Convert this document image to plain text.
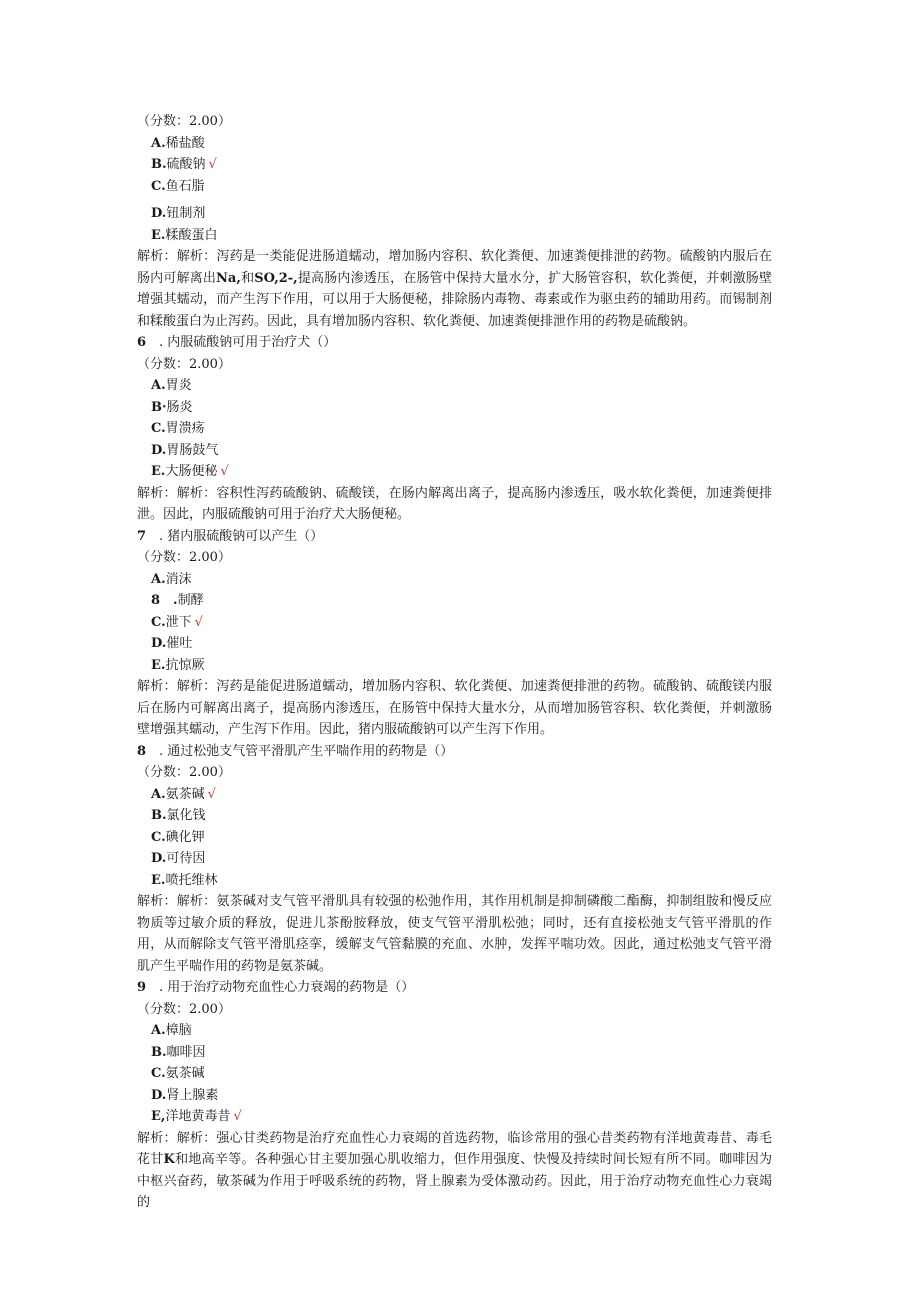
（分数：2.00）
A.稀盐酸
B.硫酸钠 √
C.鱼石脂
D.钮制剂
E.糅酸蛋白
解析：解析：泻药是一类能促进肠道蠕动，增加肠内容积、软化粪便、加速粪便排泄的药物。硫酸钠内服后在肠内可解离出Na,和SO,2-,提高肠内渗透压，在肠管中保持大量水分，扩大肠管容积，软化粪便，并刺激肠壁增强其蠕动，而产生泻下作用，可以用于大肠便秘，排除肠内毒物、毒素或作为驱虫药的辅助用药。而锡制剂和糅酸蛋白为止泻药。因此，具有增加肠内容积、软化粪便、加速粪便排泄作用的药物是硫酸钠。
6 . 内服硫酸钠可用于治疗犬（）
（分数：2.00）
A.胃炎
B·肠炎
C.胃溃疡
D.胃肠鼓气
E.大肠便秘 √
解析：解析：容积性泻药硫酸钠、硫酸镁，在肠内解离出离子，提高肠内渗透压，吸水软化粪便，加速粪便排泄。因此，内服硫酸钠可用于治疗犬大肠便秘。
7 . 猪内服硫酸钠可以产生（）
（分数：2.00）
A.消沫
8　.制酵
C.泄下 √
D.催吐
E.抗惊厥
解析：解析：泻药是能促进肠道蠕动，增加肠内容积、软化粪便、加速粪便排泄的药物。硫酸钠、硫酸镁内服后在肠内可解离出离子，提高肠内渗透压，在肠管中保持大量水分，从而增加肠管容积、软化粪便，并刺激肠壁增强其蠕动，产生泻下作用。因此，猪内服硫酸钠可以产生泻下作用。
8 . 通过松弛支气管平滑肌产生平喘作用的药物是（）
（分数：2.00）
A.氨茶碱 √
B.氯化钱
C.碘化钾
D.可待因
E.喷托维林
解析：解析：氨茶碱对支气管平滑肌具有较强的松弛作用，其作用机制是抑制磷酸二酯酶，抑制组胺和慢反应物质等过敏介质的释放，促进儿茶酚胺释放，使支气管平滑肌松弛；同时，还有直接松弛支气管平滑肌的作用，从而解除支气管平滑肌痉挛，缓解支气管黏膜的充血、水肿，发挥平喘功效。因此，通过松弛支气管平滑肌产生平喘作用的药物是氨茶碱。
9 . 用于治疗动物充血性心力衰竭的药物是（）
（分数：2.00）
A.樟脑
B.咖啡因
C.氨茶碱
D.肾上腺素
E,洋地黄毒昔 √
解析：解析：强心甘类药物是治疗充血性心力衰竭的首选药物，临诊常用的强心昔类药物有洋地黄毒昔、毒毛花甘K和地高辛等。各种强心甘主要加强心肌收缩力，但作用强度、快慢及持续时间长短有所不同。咖啡因为中枢兴奋药，敏茶碱为作用于呼吸系统的药物，肾上腺素为受体激动药。因此，用于治疗动物充血性心力衰竭的
